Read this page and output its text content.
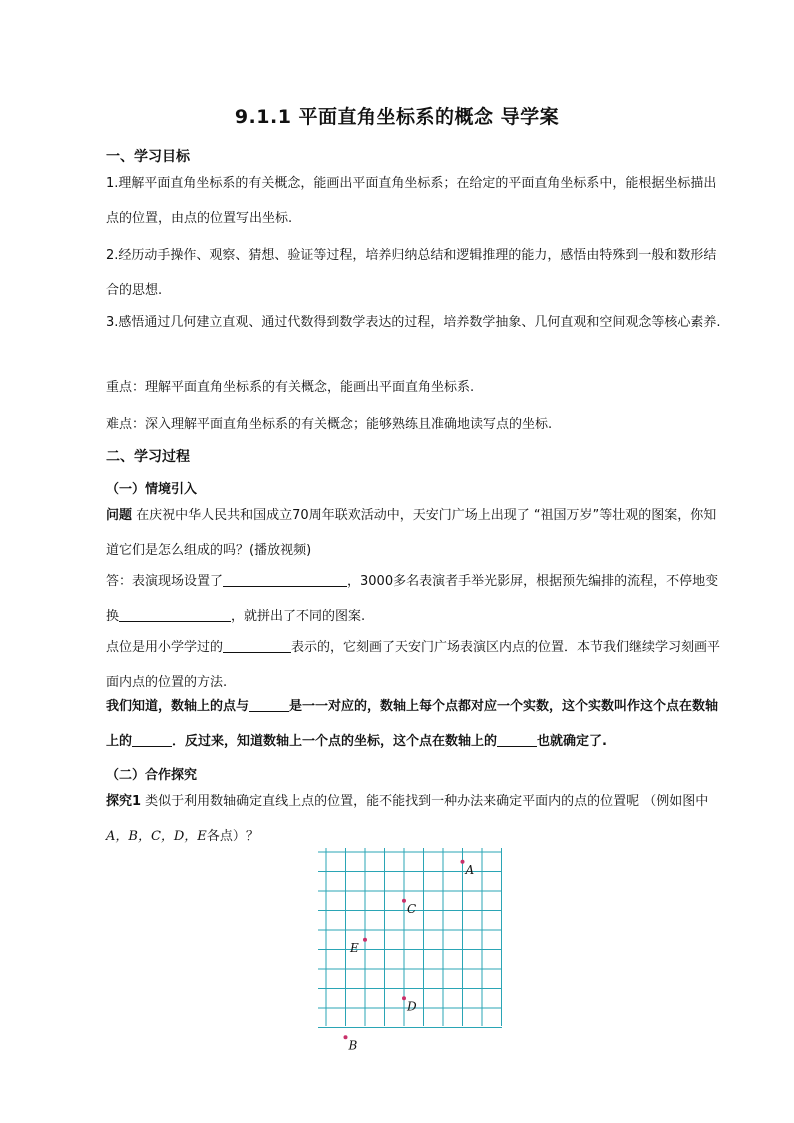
9.1.1 平面直角坐标系的概念 导学案
一、学习目标
1.理解平面直角坐标系的有关概念，能画出平面直角坐标系；在给定的平面直角坐标系中，能根据坐标描出点的位置，由点的位置写出坐标.
2.经历动手操作、观察、猜想、验证等过程，培养归纳总结和逻辑推理的能力，感悟由特殊到一般和数形结合的思想.
3.感悟通过几何建立直观、通过代数得到数学表达的过程，培养数学抽象、几何直观和空间观念等核心素养.
重点：理解平面直角坐标系的有关概念，能画出平面直角坐标系.
难点：深入理解平面直角坐标系的有关概念；能够熟练且准确地读写点的坐标.
二、学习过程
（一）情境引入
问题 在庆祝中华人民共和国成立70周年联欢活动中，天安门广场上出现了 “祖国万岁”等壮观的图案，你知道它们是怎么组成的吗？(播放视频)
答：表演现场设置了	，3000多名表演者手举光影屏，根据预先编排的流程，不停地变换	，就拼出了不同的图案.
点位是用小学学过的	表示的，它刻画了天安门广场表演区内点的位置．本节我们继续学习刻画平面内点的位置的方法.
我们知道，数轴上的点与	是一一对应的，数轴上每个点都对应一个实数，这个实数叫作这个点在数轴上的	．反过来，知道数轴上一个点的坐标，这个点在数轴上的	也就确定了.
（二）合作探究
探究1 类似于利用数轴确定直线上点的位置，能不能找到一种办法来确定平面内的点的位置呢 （例如图中A，B，C，D，E各点）？
A
C
E
D
B
